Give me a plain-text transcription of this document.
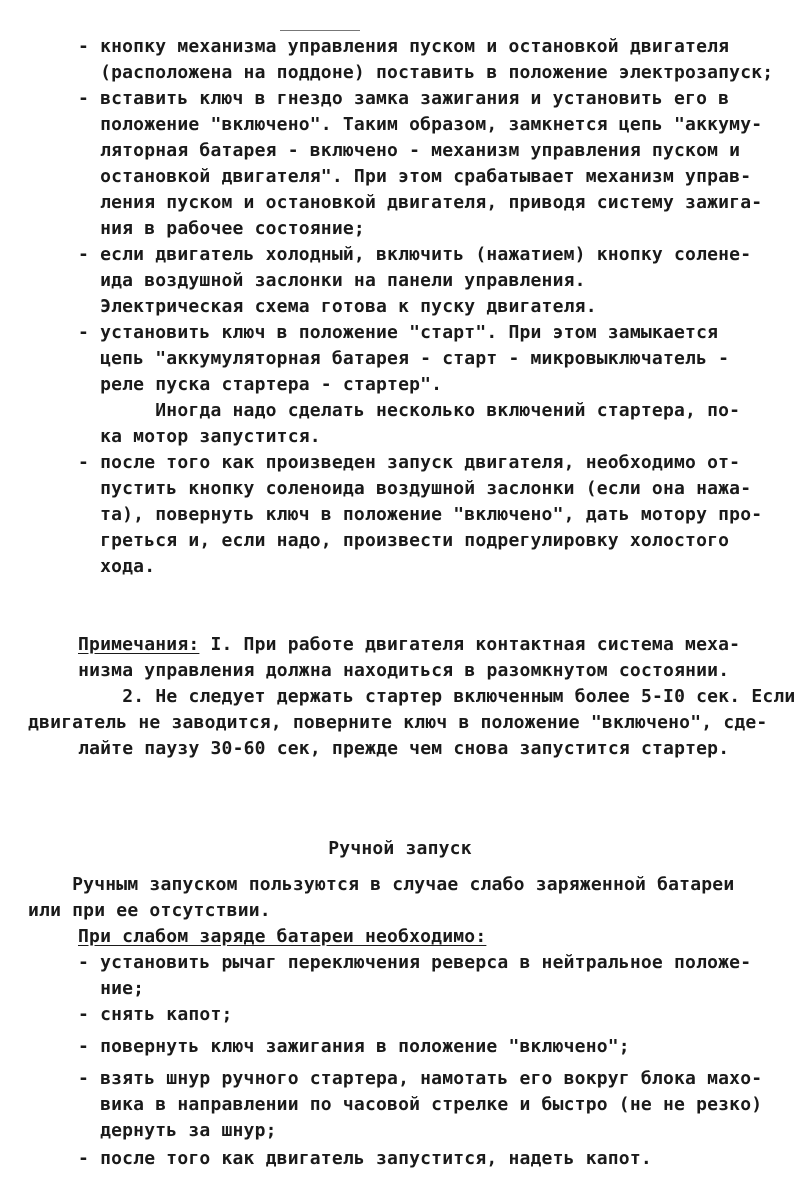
- кнопку механизма управления пуском и остановкой двигателя
(расположена на поддоне) поставить в положение электрозапуск;
- вставить ключ в гнездо замка зажигания и установить его в
положение "включено". Таким образом, замкнется цепь "аккуму-
ляторная батарея - включено - механизм управления пуском и
остановкой двигателя". При этом срабатывает механизм управ-
ления пуском и остановкой двигателя, приводя систему зажига-
ния в рабочее состояние;
- если двигатель холодный, включить (нажатием) кнопку солене-
ида воздушной заслонки на панели управления.
Электрическая схема готова к пуску двигателя.
- установить ключ в положение "старт". При этом замыкается
цепь "аккумуляторная батарея - старт - микровыключатель -
реле пуска стартера - стартер".
Иногда надо сделать несколько включений стартера, по-
ка мотор запустится.
- после того как произведен запуск двигателя, необходимо от-
пустить кнопку соленоида воздушной заслонки (если она нажа-
та), повернуть ключ в положение "включено", дать мотору про-
греться и, если надо, произвести подрегулировку холостого
хода.
Примечания: I. При работе двигателя контактная система меха-
низма управления должна находиться в разомкнутом состоянии.
2. Не следует держать стартер включенным более 5-I0 сек. Если
двигатель не заводится, поверните ключ в положение "включено", сде-
лайте паузу 30-60 сек, прежде чем снова запустится стартер.
Ручной запуск
Ручным запуском пользуются в случае слабо заряженной батареи
или при ее отсутствии.
При слабом заряде батареи необходимо:
- установить рычаг переключения реверса в нейтральное положе-
ние;
- снять капот;
- повернуть ключ зажигания в положение "включено";
- взять шнур ручного стартера, намотать его вокруг блока махо-
вика в направлении по часовой стрелке и быстро (не не резко)
дернуть за шнур;
- после того как двигатель запустится, надеть капот.
